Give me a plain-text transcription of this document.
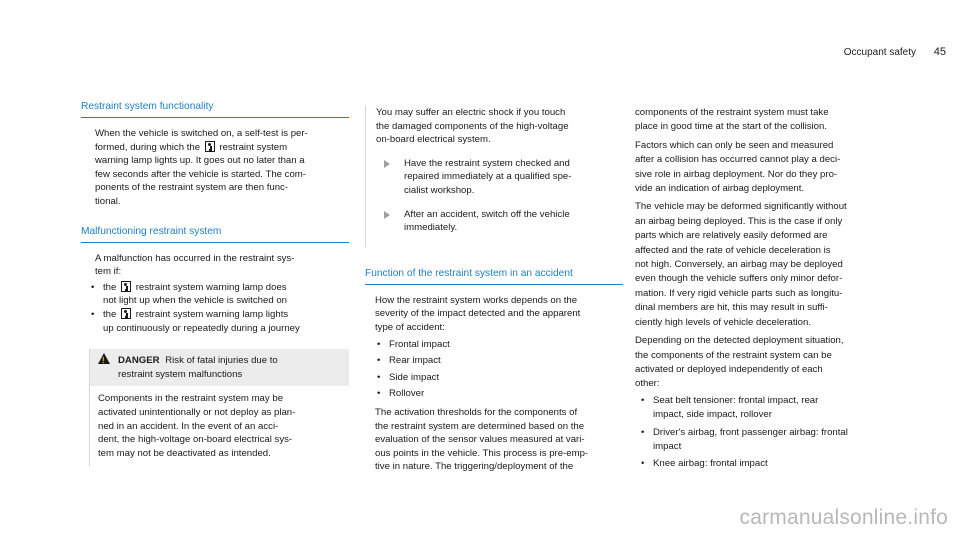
Occupant safety 45
Restraint system functionality

When the vehicle is switched on, a self-test is per-
formed, during which the restraint system
warning lamp lights up. It goes out no later than a
few seconds after the vehicle is started. The com-
ponents of the restraint system are then func-
tional.

Malfunctioning restraint system

A malfunction has occurred in the restraint sys-
tem if:

• the restraint system warning lamp does
not light up when the vehicle is switched on
• the restraint system warning lamp lights
up continuously or repeatedly during a journey
!DANGER Risk of fatal injuries due to
restraint system malfunctions
Components in the restraint system may be
activated unintentionally or not deploy as plan-
ned in an accident. In the event of an acci-
dent, the high-voltage on-board electrical sys-
tem may not be deactivated as intended.

You may suffer an electric shock if you touch
the damaged components of the high-voltage
on-board electrical system.

Have the restraint system checked and
repaired immediately at a qualified spe-
cialist workshop.
After an accident, switch off the vehicle
immediately.
Function of the restraint system in an accident

How the restraint system works depends on the
severity of the impact detected and the apparent
type of accident:

• Frontal impact
• Rear impact
• Side impact
• Rollover

The activation thresholds for the components of
the restraint system are determined based on the
evaluation of the sensor values measured at vari-
ous points in the vehicle. This process is pre-emp-
tive in nature. The triggering/deployment of the

components of the restraint system must take
place in good time at the start of the collision.

Factors which can only be seen and measured
after a collision has occurred cannot play a deci-
sive role in airbag deployment. Nor do they pro-
vide an indication of airbag deployment.

The vehicle may be deformed significantly without
an airbag being deployed. This is the case if only
parts which are relatively easily deformed are
affected and the rate of vehicle deceleration is
not high. Conversely, an airbag may be deployed
even though the vehicle suffers only minor defor-
mation. If very rigid vehicle parts such as longitu-
dinal members are hit, this may result in suffi-
ciently high levels of vehicle deceleration.

Depending on the detected deployment situation,
the components of the restraint system can be
activated or deployed independently of each
other:

• Seat belt tensioner: frontal impact, rear
impact, side impact, rollover
• Driver's airbag, front passenger airbag: frontal
impact
• Knee airbag: frontal impact
carmanualsonline.info
